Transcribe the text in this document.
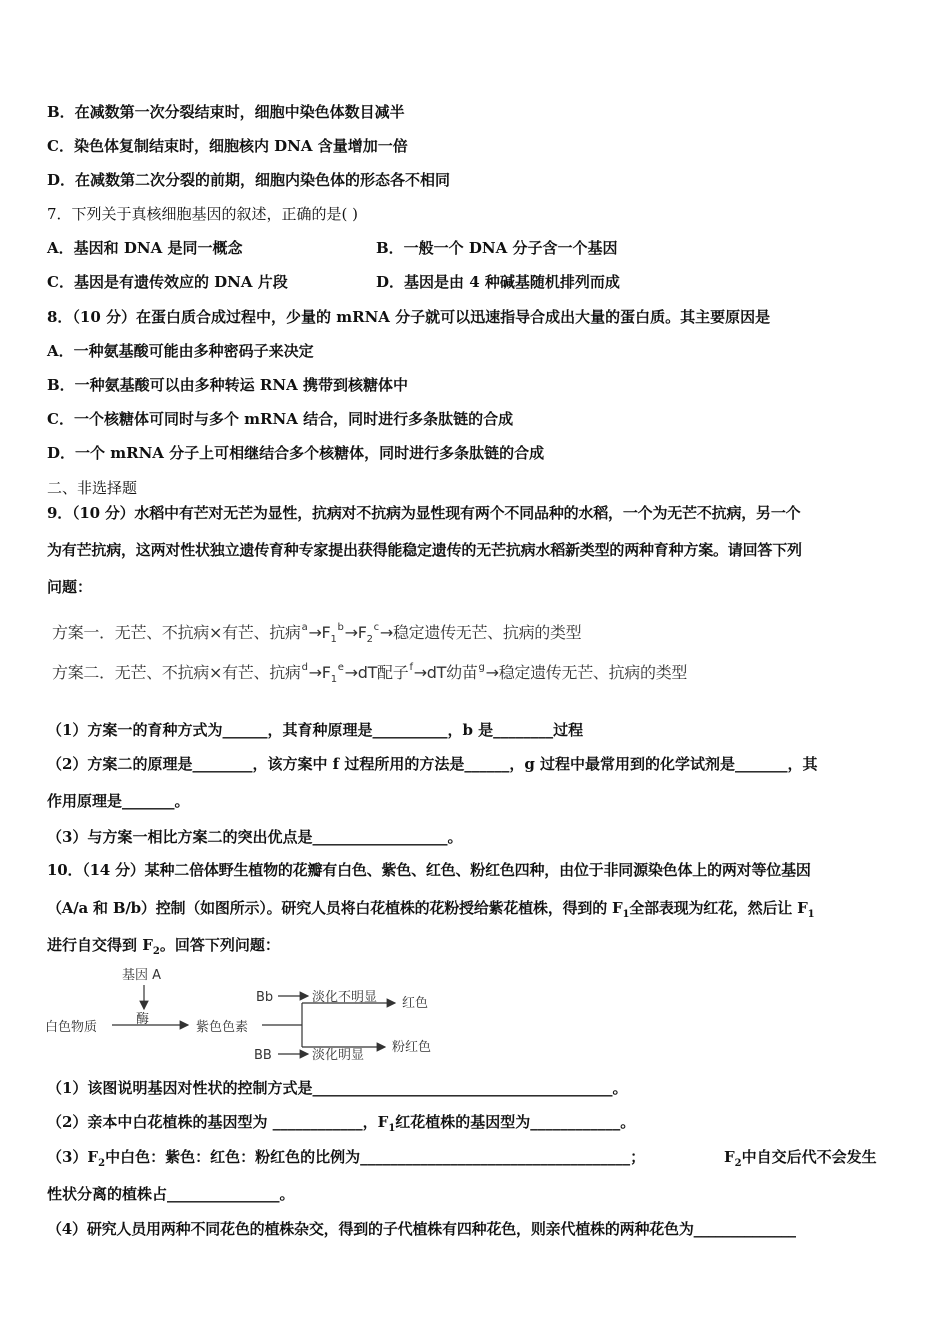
B．在减数第一次分裂结束时，细胞中染色体数目减半
C．染色体复制结束时，细胞核内 DNA 含量增加一倍
D．在减数第二次分裂的前期，细胞内染色体的形态各不相同
7．下列关于真核细胞基因的叙述，正确的是( )
A．基因和 DNA 是同一概念	B．一般一个 DNA 分子含一个基因
C．基因是有遗传效应的 DNA 片段	D．基因是由 4 种碱基随机排列而成
8．（10 分）在蛋白质合成过程中，少量的 mRNA 分子就可以迅速指导合成出大量的蛋白质。其主要原因是
A．一种氨基酸可能由多种密码子来决定
B．一种氨基酸可以由多种转运 RNA 携带到核糖体中
C．一个核糖体可同时与多个 mRNA 结合，同时进行多条肽链的合成
D．一个 mRNA 分子上可相继结合多个核糖体，同时进行多条肽链的合成
二、非选择题
9．（10 分）水稻中有芒对无芒为显性，抗病对不抗病为显性现有两个不同品种的水稻，一个为无芒不抗病，另一个
为有芒抗病，这两对性状独立遗传育种专家提出获得能稳定遗传的无芒抗病水稻新类型的两种育种方案。请回答下列
问题：
方案一．无芒、不抗病×有芒、抗病$^a\to F_1^b\to F_2^c\to$稳定遗传无芒、抗病的类型
方案二．无芒、不抗病×有芒、抗病$^d\to F_1^e\to dT$配子$^f$→dT幼苗$^g$→稳定遗传无芒、抗病的类型
（1）方案一的育种方式为______，其育种原理是__________，b 是________过程
（2）方案二的原理是________，该方案中 f 过程所用的方法是______，g 过程中最常用到的化学试剂是_______，其
作用原理是_______。
（3）与方案一相比方案二的突出优点是__________________。
10．（14 分）某种二倍体野生植物的花瓣有白色、紫色、红色、粉红色四种，由位于非同源染色体上的两对等位基因
（A/a 和 B/b）控制（如图所示）。研究人员将白花植株的花粉授给紫花植株，得到的 $F_1$全部表现为红花，然后让 $F_1$
进行自交得到 $F_2$。回答下列问题：
基因 A
酶
白色物质	紫色色素
Bb	淡化不明显 红色
BB	淡化明显
粉红色
（1）该图说明基因对性状的控制方式是________________________________________。
（2）亲本中白花植株的基因型为 ____________，$F_1$红花植株的基因型为____________。
$(3)F_2$中白色：紫色：红色：粉红色的比例为____________________________________；	$F_2$中自交后代不会发生
性状分离的植株占_______________。
（4）研究人员用两种不同花色的植株杂交，得到的子代植株有四种花色，则亲代植株的两种花色为______________
